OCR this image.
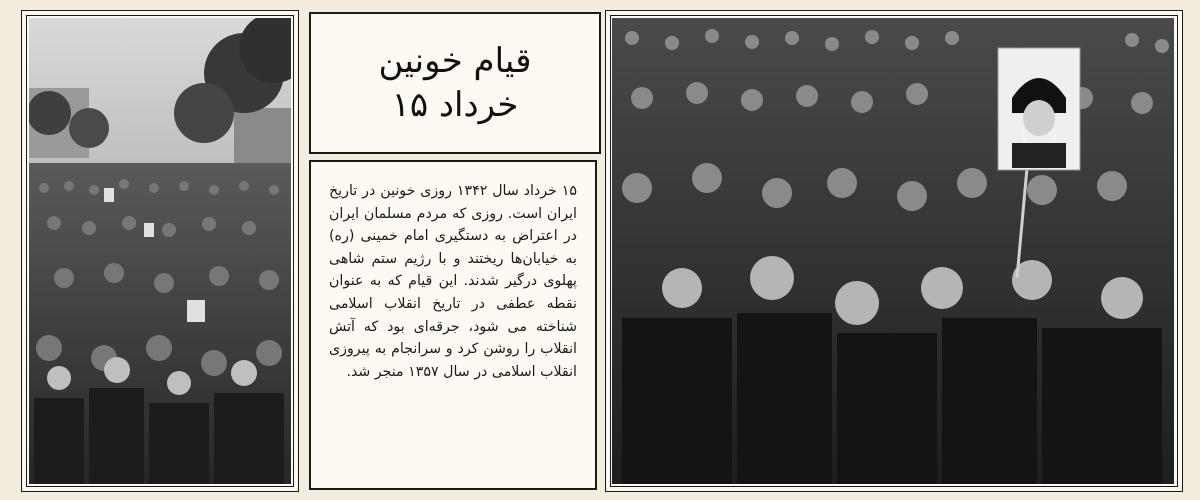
قیام خونین
خرداد ۱۵

۱۵ خرداد سال ۱۳۴۲ روزی خونین در تاریخ ایران است. روزی که مردم مسلمان ایران در اعتراض به دستگیری امام خمینی (ره) به خیابان‌ها ریختند و با رژیم ستم شاهی پهلوی درگیر شدند. این قیام که به عنوان نقطه عطفی در تاریخ انقلاب اسلامی شناخته می شود، جرقه‌ای بود که آتش انقلاب را روشن کرد و سرانجام به پیروزی انقلاب اسلامی در سال ۱۳۵۷ منجر شد.
